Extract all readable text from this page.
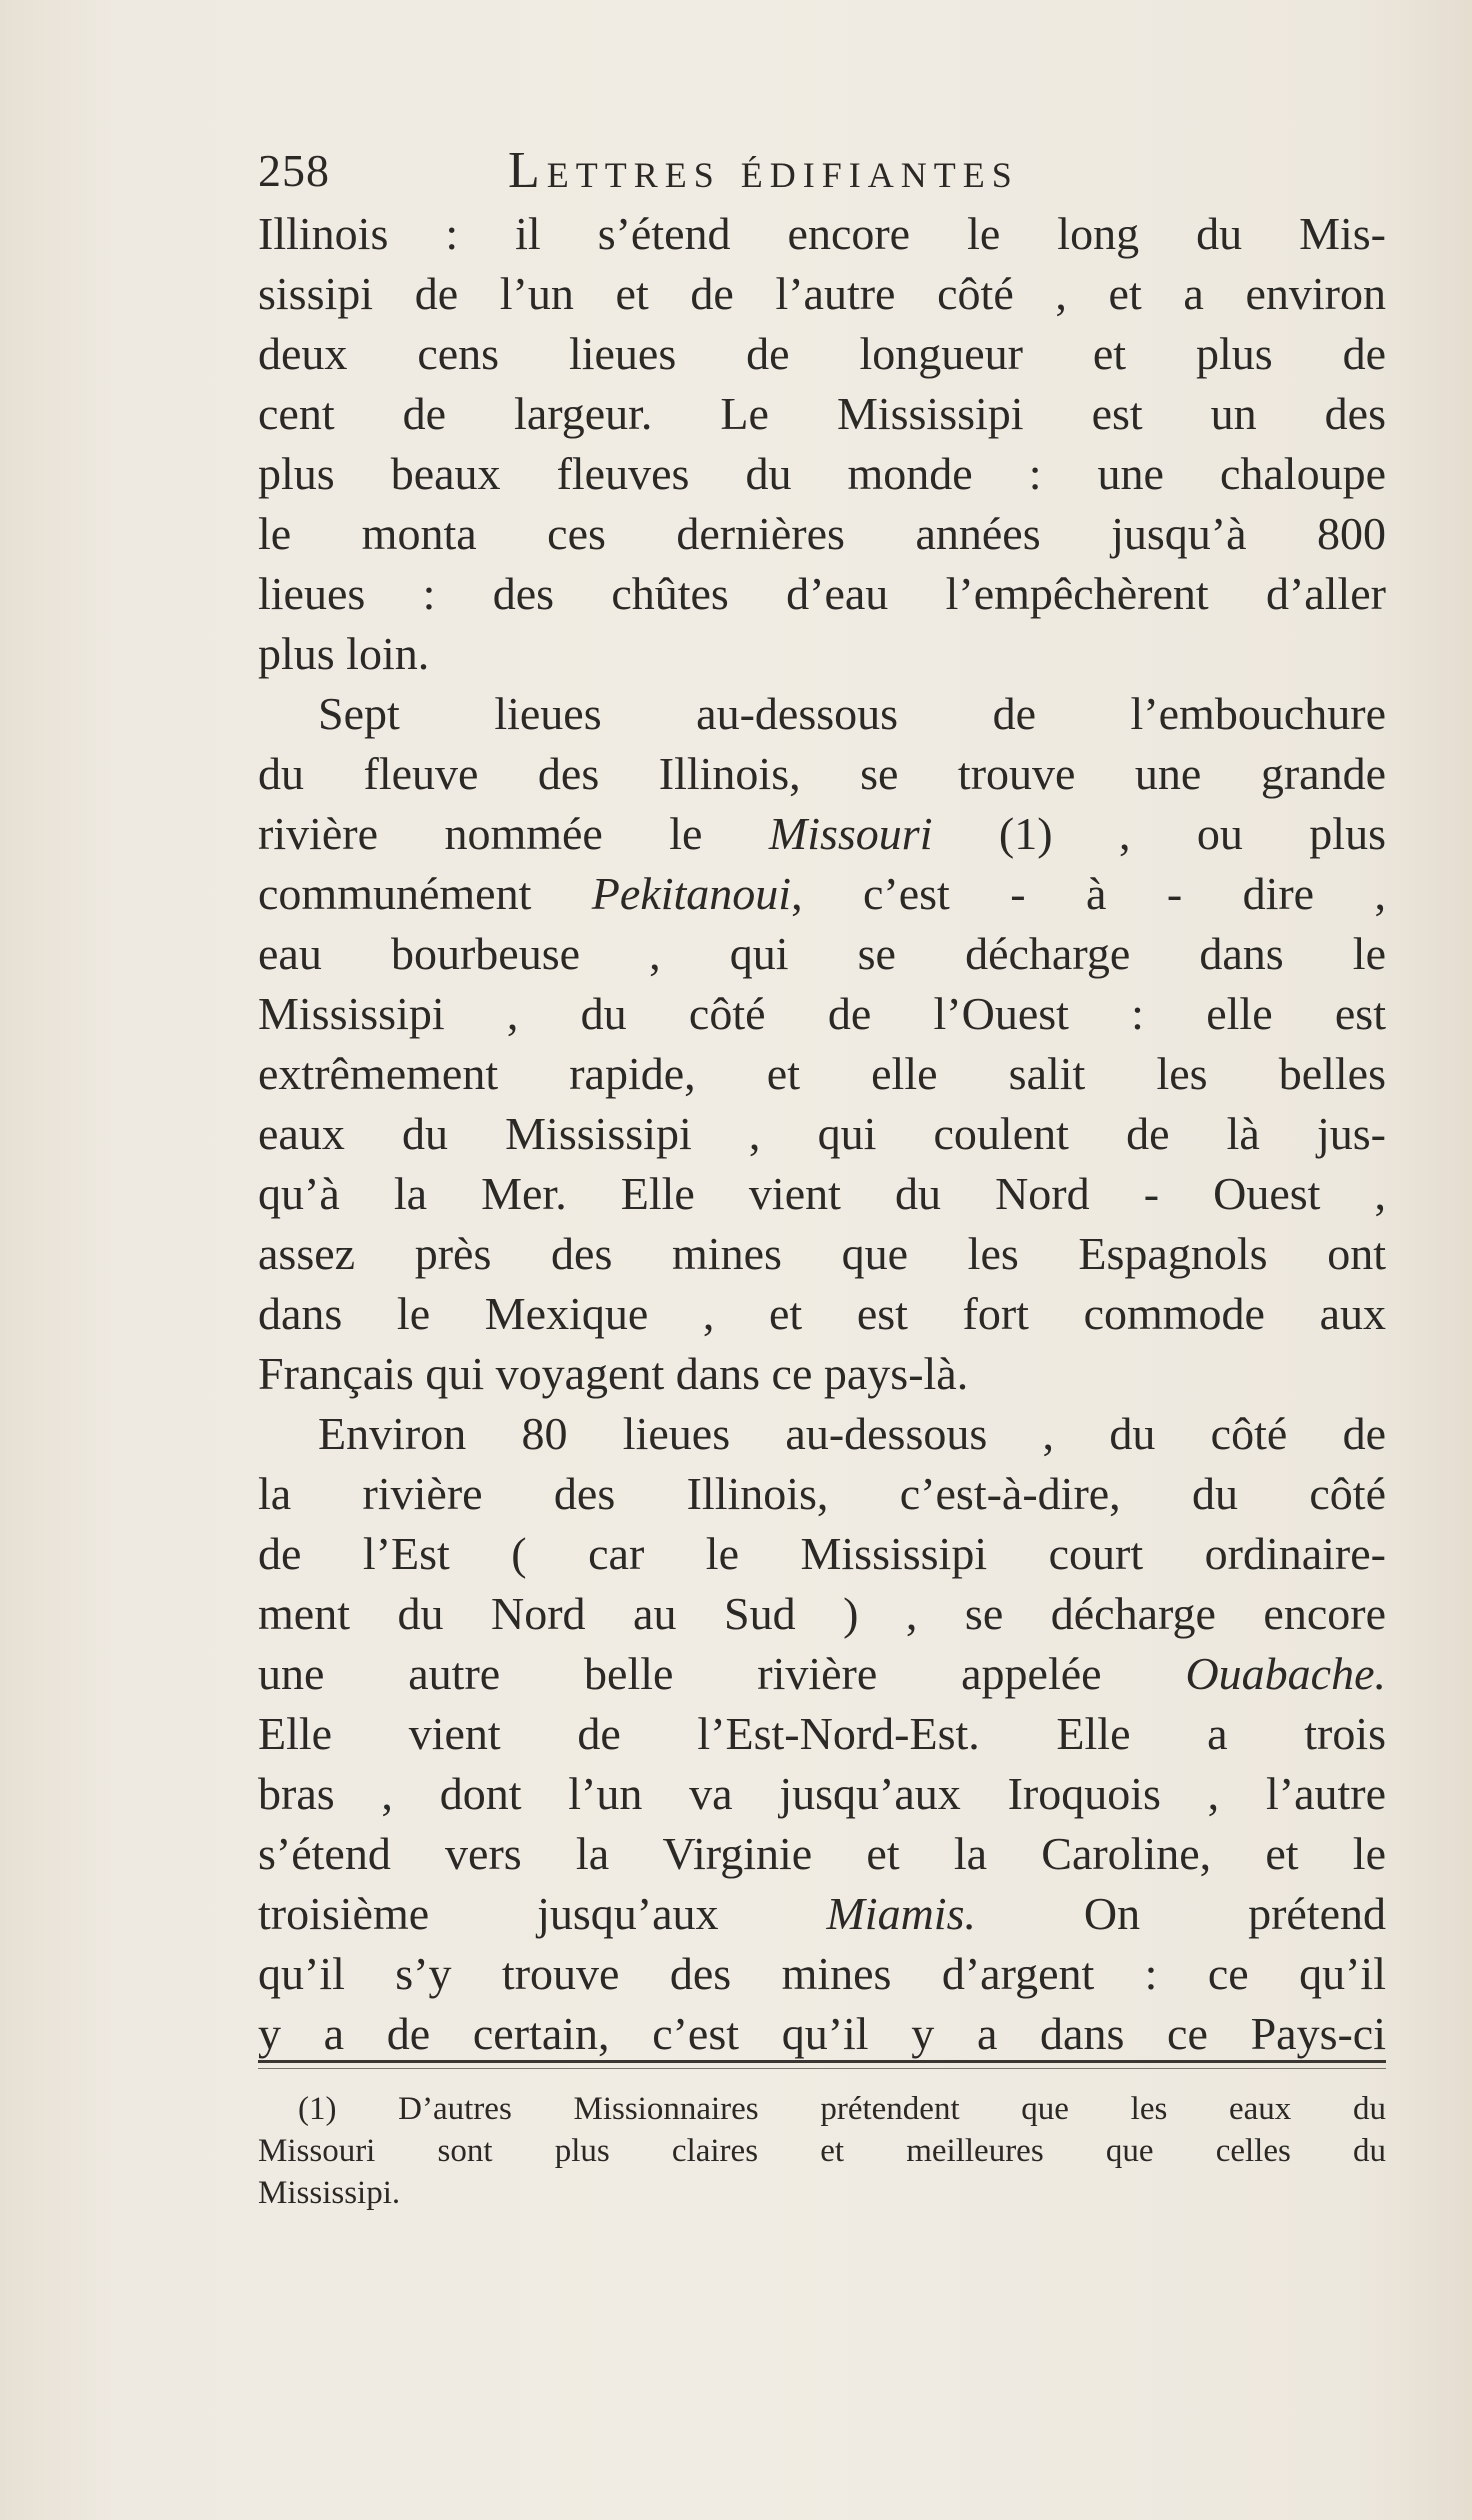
258	Lettres édifiantes
Illinois : il s’étend encore le long du Mis-
sissipi de l’un et de l’autre côté , et a environ
deux cens lieues de longueur et plus de
cent de largeur. Le Mississipi est un des
plus beaux fleuves du monde : une chaloupe
le monta ces dernières années jusqu’à 800
lieues : des chûtes d’eau l’empêchèrent d’aller
plus loin.
Sept lieues au-dessous de l’embouchure
du fleuve des Illinois, se trouve une grande
rivière nommée le Missouri (1) , ou plus
communément Pekitanoui, c’est - à - dire ,
eau bourbeuse , qui se décharge dans le
Mississipi , du côté de l’Ouest : elle est
extrêmement rapide, et elle salit les belles
eaux du Mississipi , qui coulent de là jus-
qu’à la Mer. Elle vient du Nord - Ouest ,
assez près des mines que les Espagnols ont
dans le Mexique , et est fort commode aux
Français qui voyagent dans ce pays-là.
Environ 80 lieues au-dessous , du côté de
la rivière des Illinois, c’est-à-dire, du côté
de l’Est ( car le Mississipi court ordinaire-
ment du Nord au Sud ) , se décharge encore
une autre belle rivière appelée Ouabache.
Elle vient de l’Est-Nord-Est. Elle a trois
bras , dont l’un va jusqu’aux Iroquois , l’autre
s’étend vers la Virginie et la Caroline, et le
troisième jusqu’aux Miamis. On prétend
qu’il s’y trouve des mines d’argent : ce qu’il
y a de certain, c’est qu’il y a dans ce Pays-ci
(1) D’autres Missionnaires prétendent que les eaux du
Missouri sont plus claires et meilleures que celles du
Mississipi.
